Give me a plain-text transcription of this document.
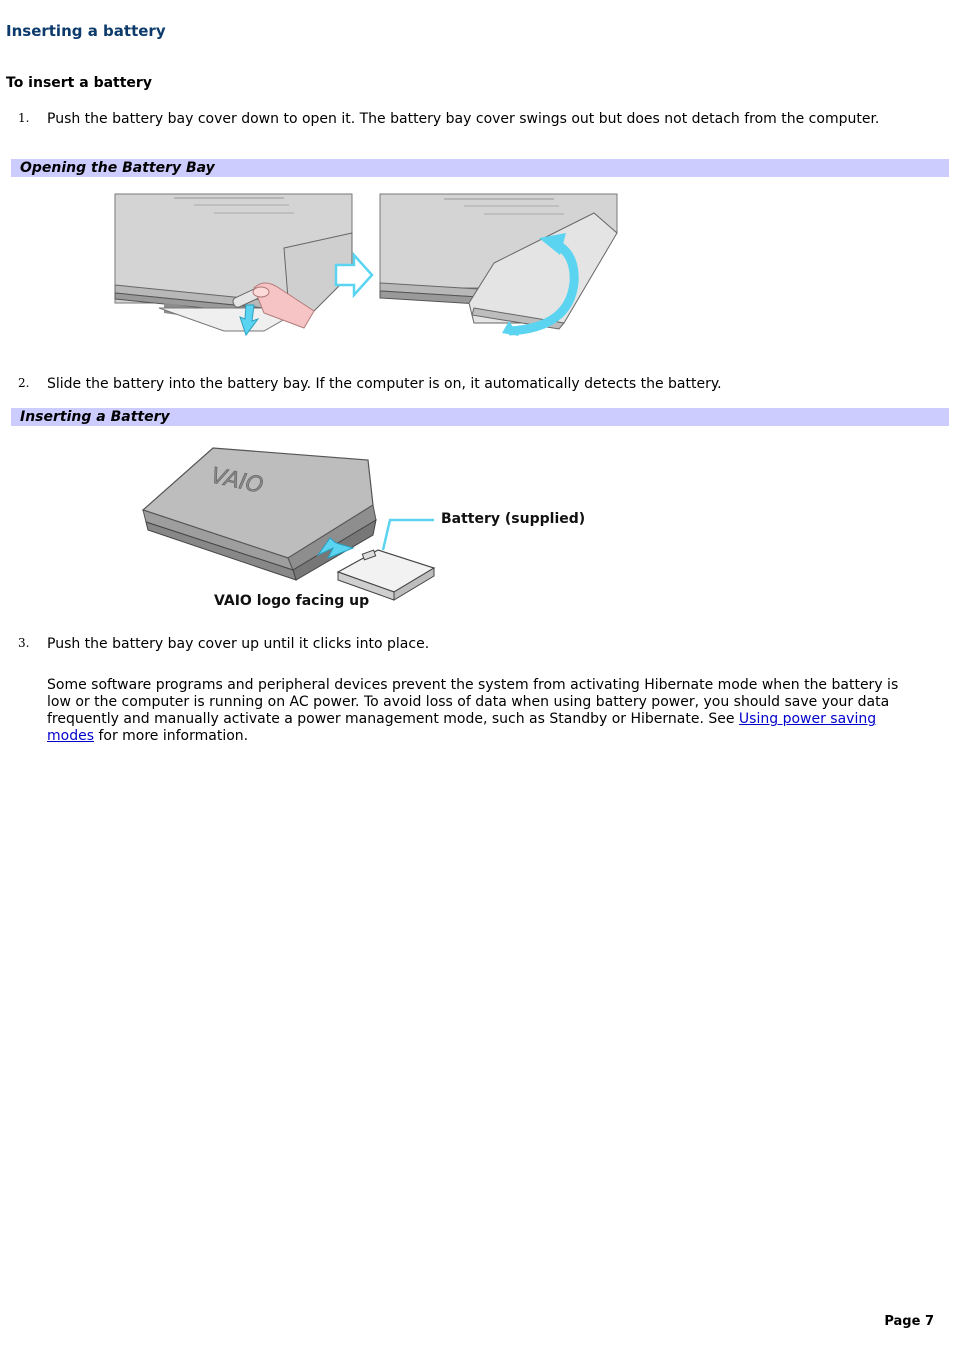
Inserting a battery
To insert a battery
1. Push the battery bay cover down to open it. The battery bay cover swings out but does not detach from the computer.
Opening the Battery Bay
2. Slide the battery into the battery bay. If the computer is on, it automatically detects the battery.
Inserting a Battery
VAIO
Battery (supplied)
VAIO logo facing up
3. Push the battery bay cover up until it clicks into place.
Some software programs and peripheral devices prevent the system from activating Hibernate mode when the battery is low or the computer is running on AC power. To avoid loss of data when using battery power, you should save your data frequently and manually activate a power management mode, such as Standby or Hibernate. See Using power saving modes for more information.
Page 7
